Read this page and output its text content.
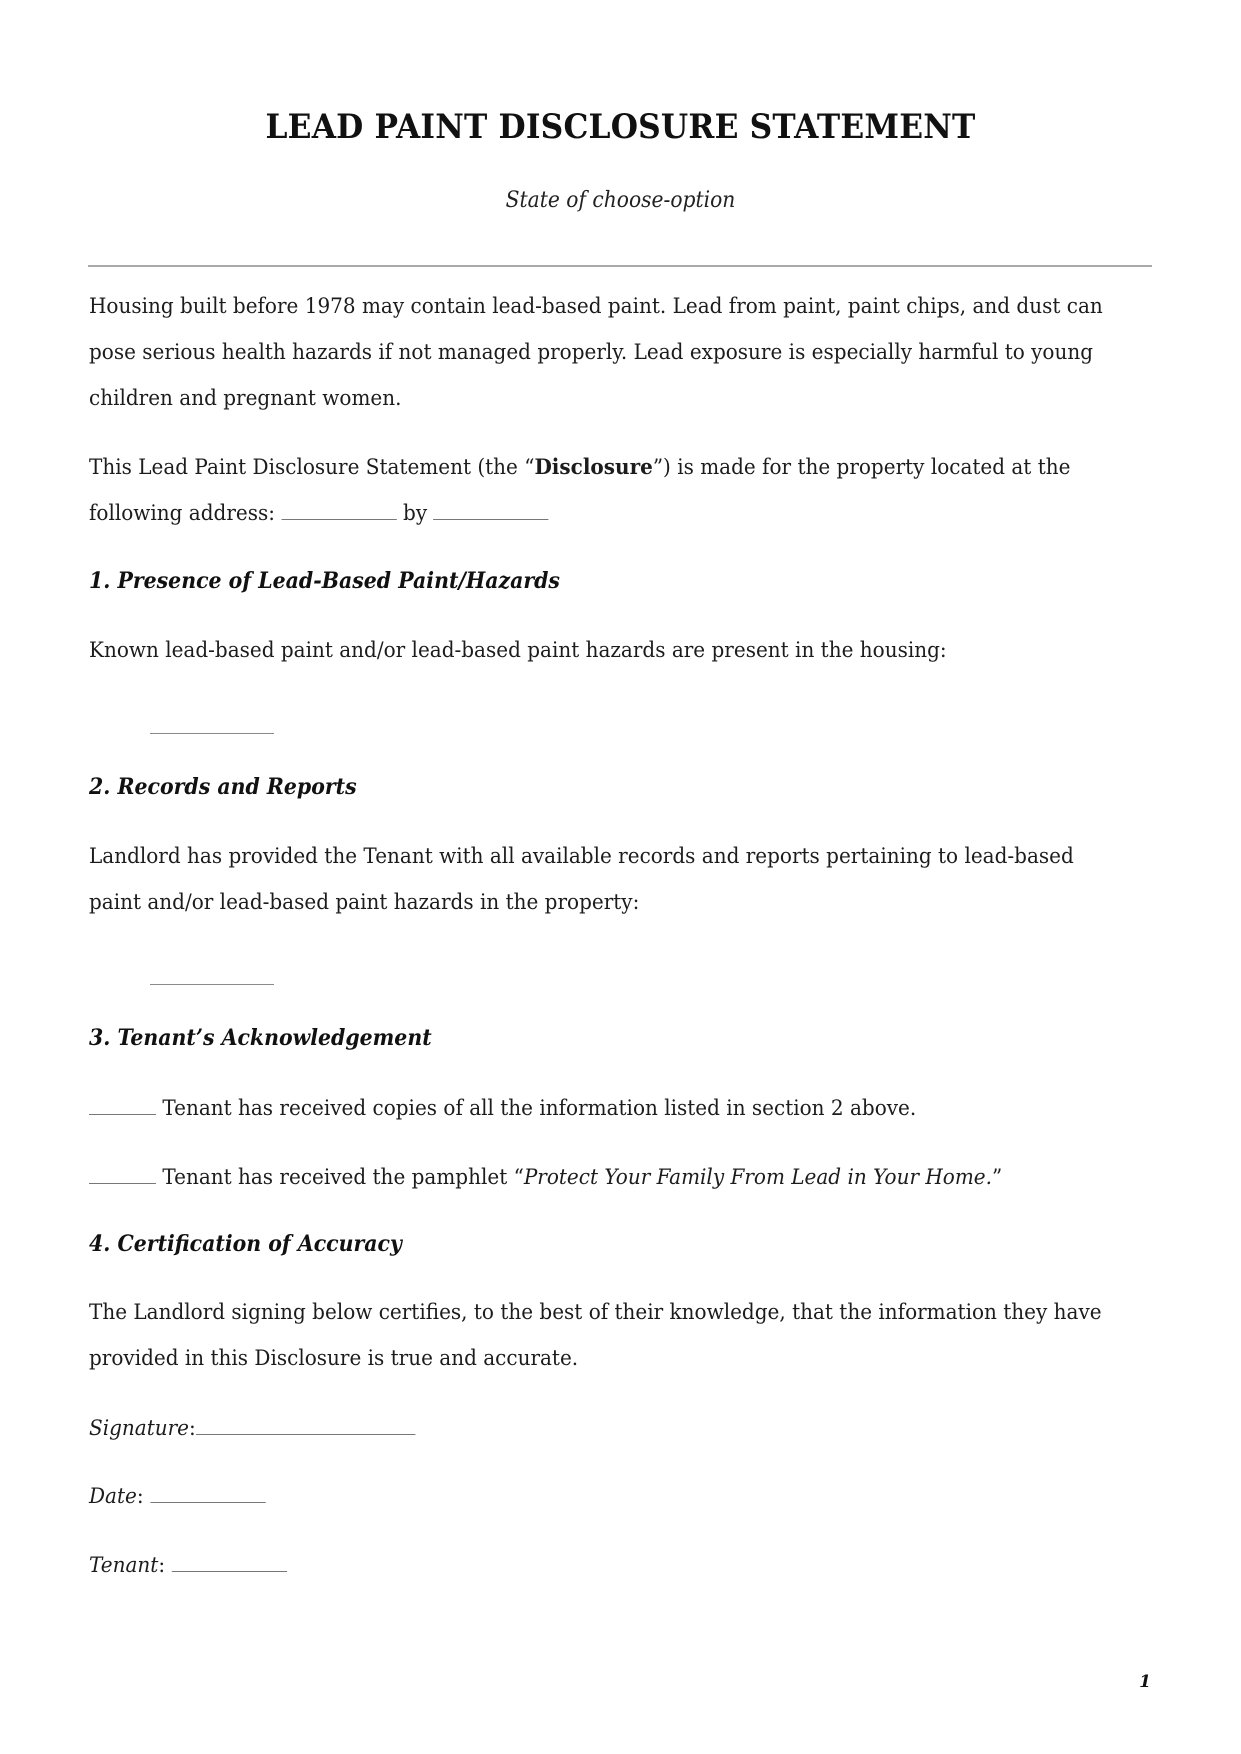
LEAD PAINT DISCLOSURE STATEMENT
State of choose-option
Housing built before 1978 may contain lead-based paint. Lead from paint, paint chips, and dust can
pose serious health hazards if not managed properly. Lead exposure is especially harmful to young
children and pregnant women.
This Lead Paint Disclosure Statement (the “Disclosure”) is made for the property located at the
following address:	by
1. Presence of Lead-Based Paint/Hazards
Known lead-based paint and/or lead-based paint hazards are present in the housing:
2. Records and Reports
Landlord has provided the Tenant with all available records and reports pertaining to lead-based
paint and/or lead-based paint hazards in the property:
3. Tenant’s Acknowledgement
Tenant has received copies of all the information listed in section 2 above.
Tenant has received the pamphlet “Protect Your Family From Lead in Your Home.”
4. Certification of Accuracy
The Landlord signing below certifies, to the best of their knowledge, that the information they have
provided in this Disclosure is true and accurate.
Signature:
Date:
Tenant:
1
